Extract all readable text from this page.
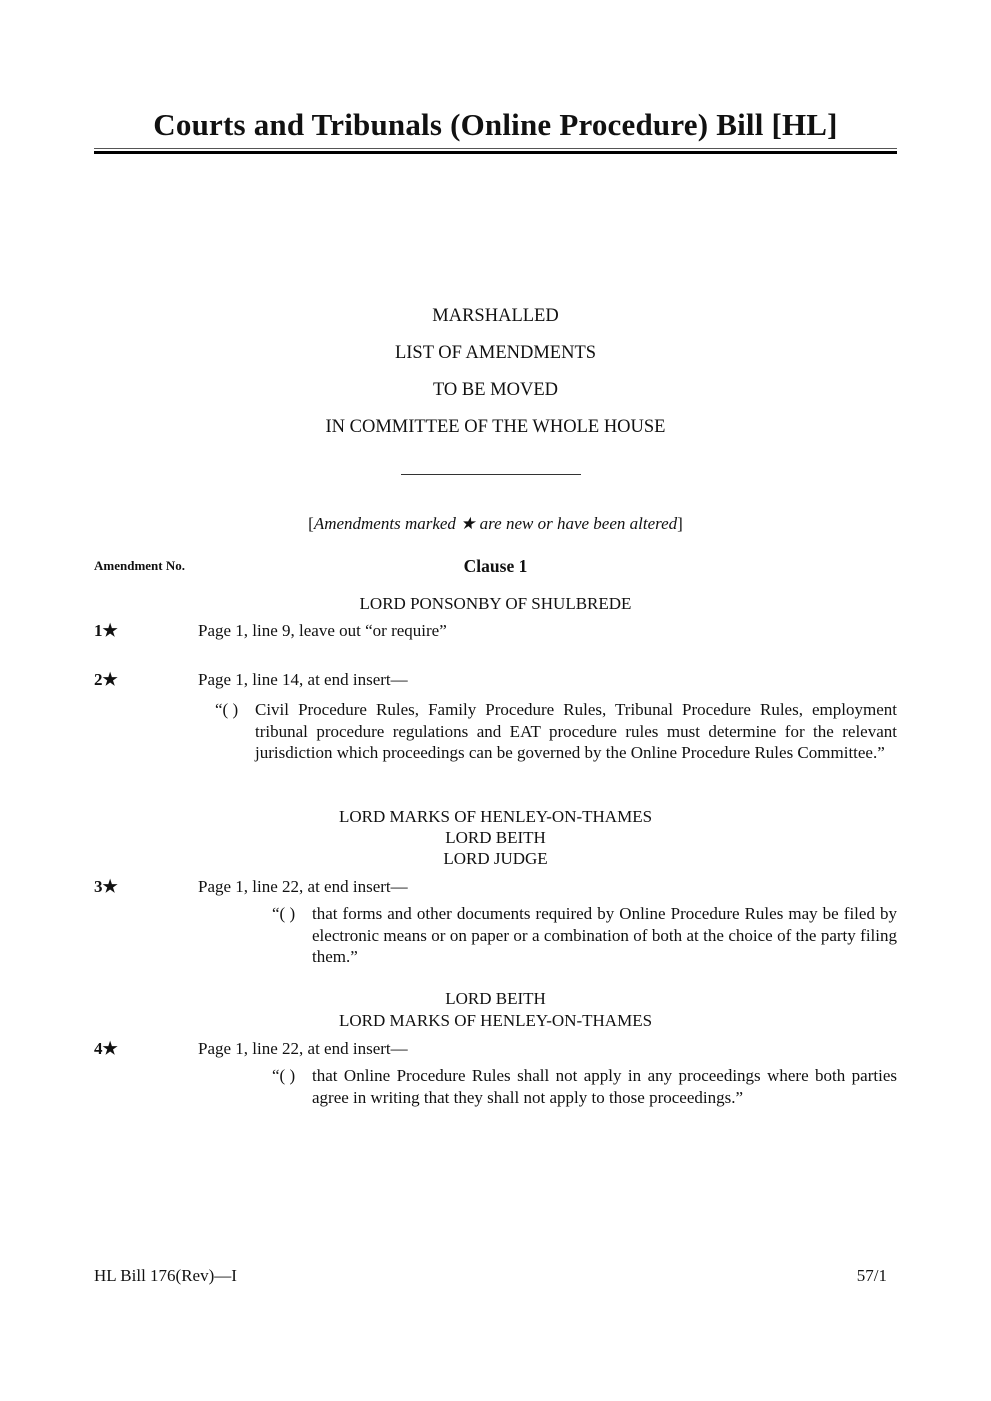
Courts and Tribunals (Online Procedure) Bill [HL]
MARSHALLED
LIST OF AMENDMENTS
TO BE MOVED
IN COMMITTEE OF THE WHOLE HOUSE
[Amendments marked ★ are new or have been altered]
Amendment No.	Clause 1
LORD PONSONBY OF SHULBREDE
1★	Page 1, line 9, leave out “or require”
2★	Page 1, line 14, at end insert—
“( ) Civil Procedure Rules, Family Procedure Rules, Tribunal Procedure Rules, employment tribunal procedure regulations and EAT procedure rules must determine for the relevant jurisdiction which proceedings can be governed by the Online Procedure Rules Committee.”
LORD MARKS OF HENLEY-ON-THAMES
LORD BEITH
LORD JUDGE
3★	Page 1, line 22, at end insert—
“( ) that forms and other documents required by Online Procedure Rules may be filed by electronic means or on paper or a combination of both at the choice of the party filing them.”
LORD BEITH
LORD MARKS OF HENLEY-ON-THAMES
4★	Page 1, line 22, at end insert—
“( ) that Online Procedure Rules shall not apply in any proceedings where both parties agree in writing that they shall not apply to those proceedings.”
HL Bill 176(Rev)—I	57/1
